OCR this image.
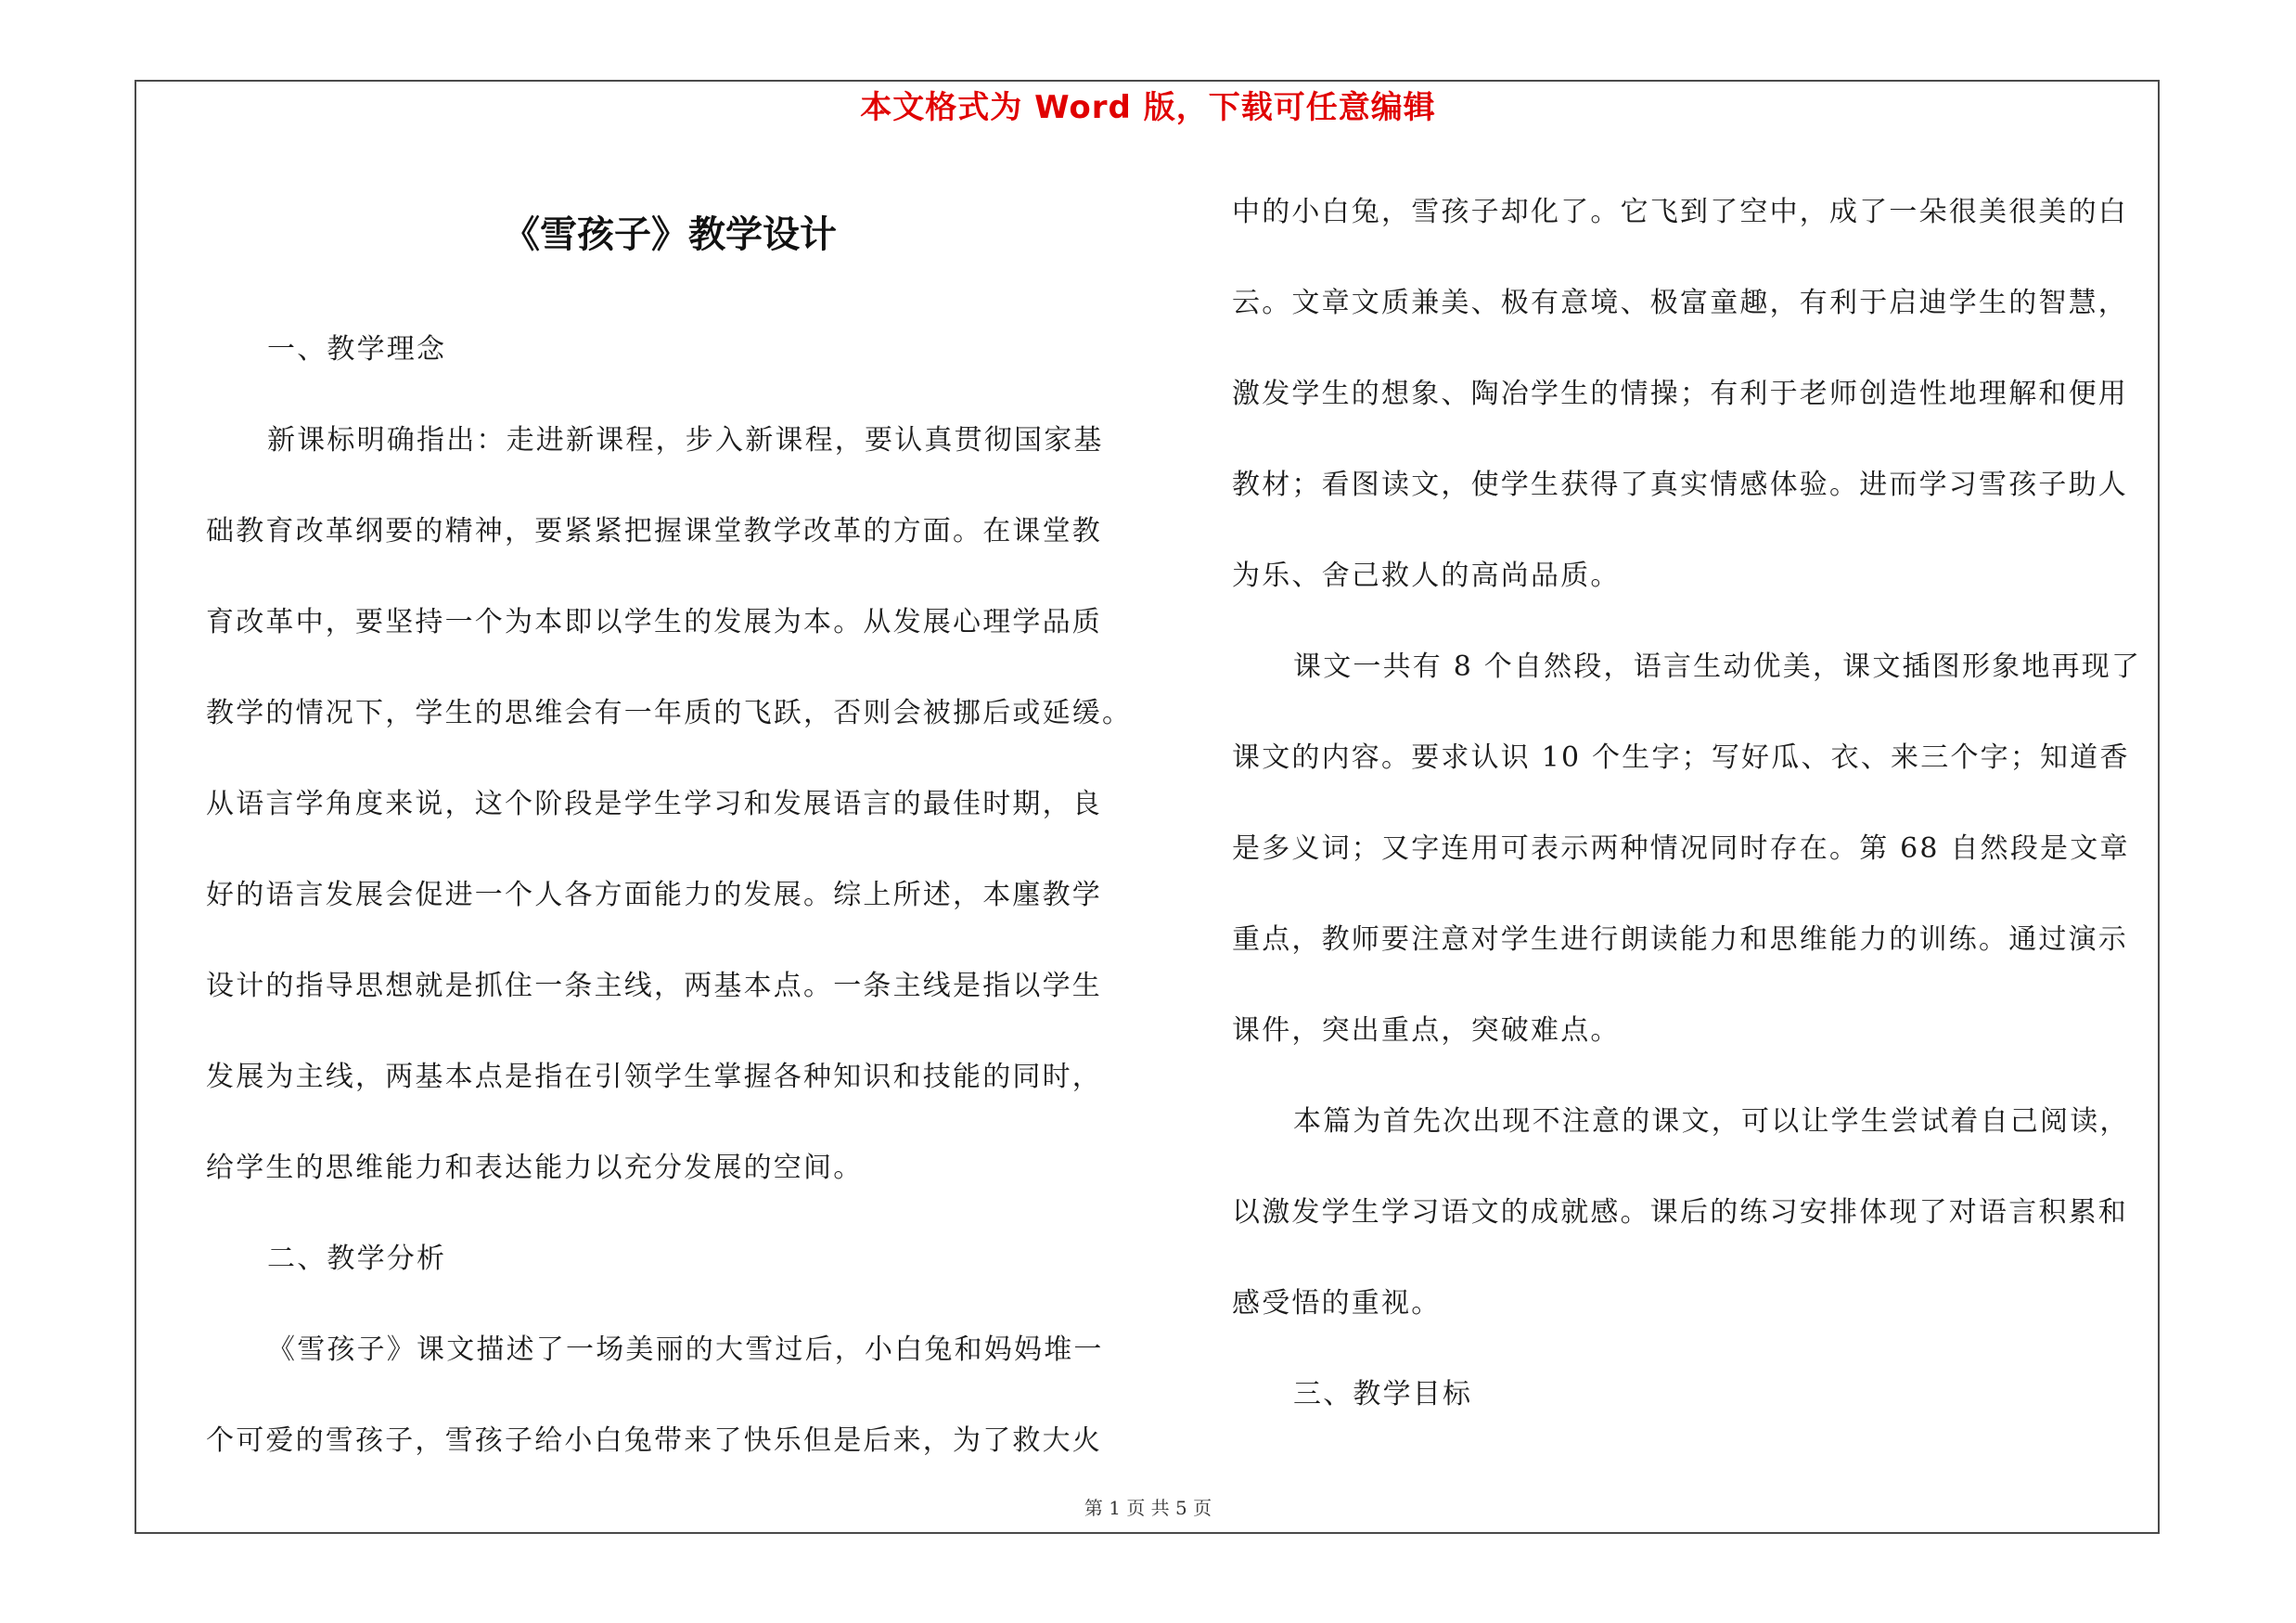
本文格式为 Word 版，下载可任意编辑
《雪孩子》教学设计
一、教学理念
新课标明确指出：走进新课程，步入新课程，要认真贯彻国家基
础教育改革纲要的精神，要紧紧把握课堂教学改革的方面。在课堂教
育改革中，要坚持一个为本即以学生的发展为本。从发展心理学品质
教学的情况下，学生的思维会有一年质的飞跃，否则会被挪后或延缓。
从语言学角度来说，这个阶段是学生学习和发展语言的最佳时期，良
好的语言发展会促进一个人各方面能力的发展。综上所述，本廛教学
设计的指导思想就是抓住一条主线，两基本点。一条主线是指以学生
发展为主线，两基本点是指在引领学生掌握各种知识和技能的同时，
给学生的思维能力和表达能力以充分发展的空间。
二、教学分析
《雪孩子》课文描述了一场美丽的大雪过后，小白兔和妈妈堆一
个可爱的雪孩子，雪孩子给小白兔带来了快乐但是后来，为了救大火
中的小白兔，雪孩子却化了。它飞到了空中，成了一朵很美很美的白
云。文章文质兼美、极有意境、极富童趣，有利于启迪学生的智慧，
激发学生的想象、陶冶学生的情操；有利于老师创造性地理解和便用
教材；看图读文，使学生获得了真实情感体验。进而学习雪孩子助人
为乐、舍己救人的高尚品质。
课文一共有 8 个自然段，语言生动优美，课文插图形象地再现了
课文的内容。要求认识 10 个生字；写好瓜、衣、来三个字；知道香
是多义词；又字连用可表示两种情况同时存在。第 68 自然段是文章
重点，教师要注意对学生进行朗读能力和思维能力的训练。通过演示
课件，突出重点，突破难点。
本篇为首先次出现不注意的课文，可以让学生尝试着自己阅读，
以激发学生学习语文的成就感。课后的练习安排体现了对语言积累和
感受悟的重视。
三、教学目标
第 1 页 共 5 页
